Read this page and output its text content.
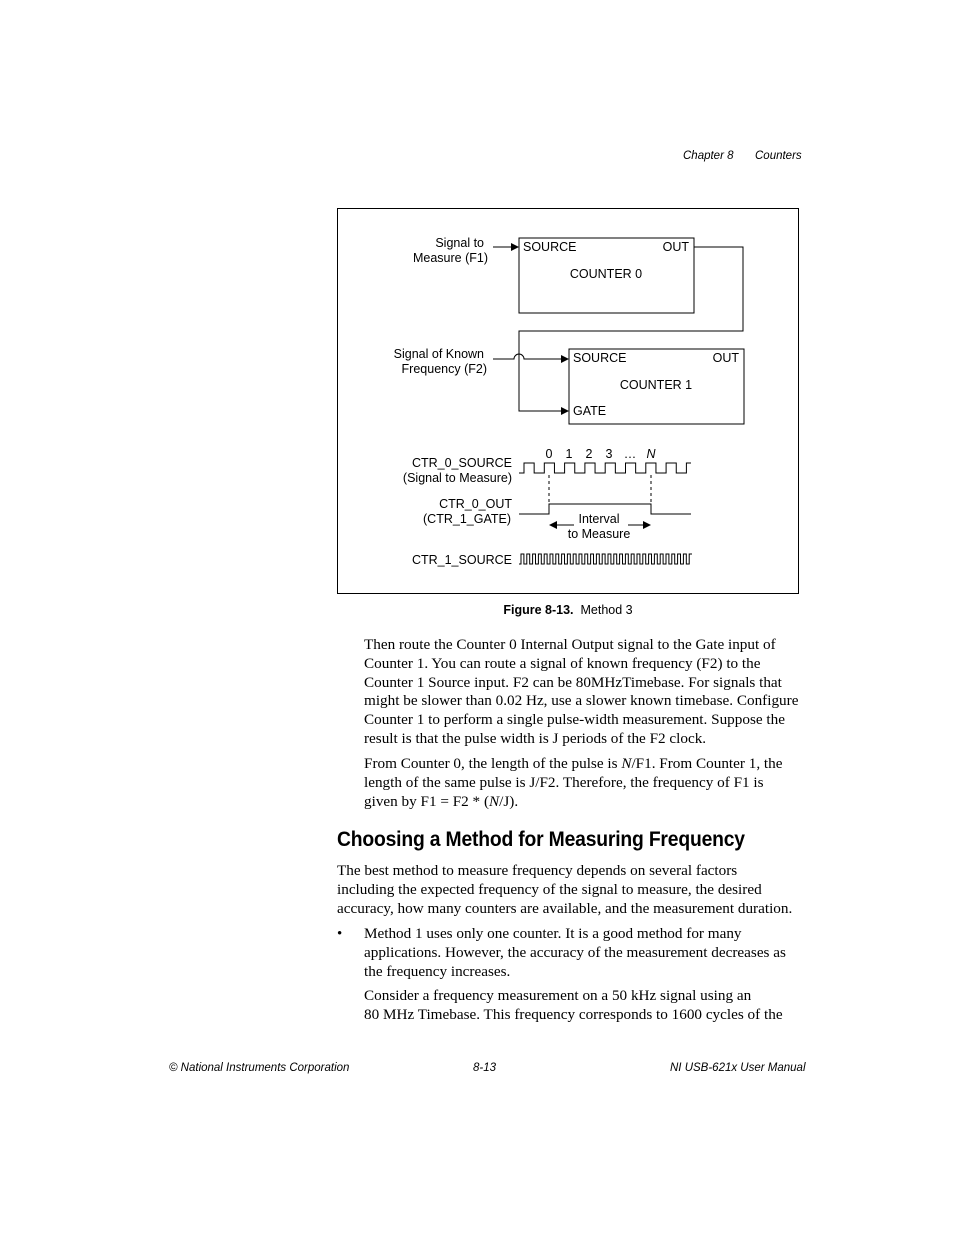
Chapter 8 Counters
Signal to
Measure (F1)
SOURCE	OUT
COUNTER 0
Signal of Known
Frequency (F2)
SOURCE	OUT
COUNTER 1
GATE
0 1 2 3 … N
CTR_0_SOURCE
(Signal to Measure)
CTR_0_OUT
(CTR_1_GATE)	Interval
to Measure
CTR_1_SOURCE
Figure 8-13. Method 3
Then route the Counter 0 Internal Output signal to the Gate input of
Counter 1. You can route a signal of known frequency (F2) to the
Counter 1 Source input. F2 can be 80MHzTimebase. For signals that
might be slower than 0.02 Hz, use a slower known timebase. Configure
Counter 1 to perform a single pulse-width measurement. Suppose the
result is that the pulse width is J periods of the F2 clock.
From Counter 0, the length of the pulse is N/F1. From Counter 1, the
length of the same pulse is J/F2. Therefore, the frequency of F1 is
given by F1 = F2 * (N/J).
Choosing a Method for Measuring Frequency
The best method to measure frequency depends on several factors
including the expected frequency of the signal to measure, the desired
accuracy, how many counters are available, and the measurement duration.
• Method 1 uses only one counter. It is a good method for many
applications. However, the accuracy of the measurement decreases as
the frequency increases.
Consider a frequency measurement on a 50 kHz signal using an
80 MHz Timebase. This frequency corresponds to 1600 cycles of the
© National Instruments Corporation	8-13	NI USB-621x User Manual
